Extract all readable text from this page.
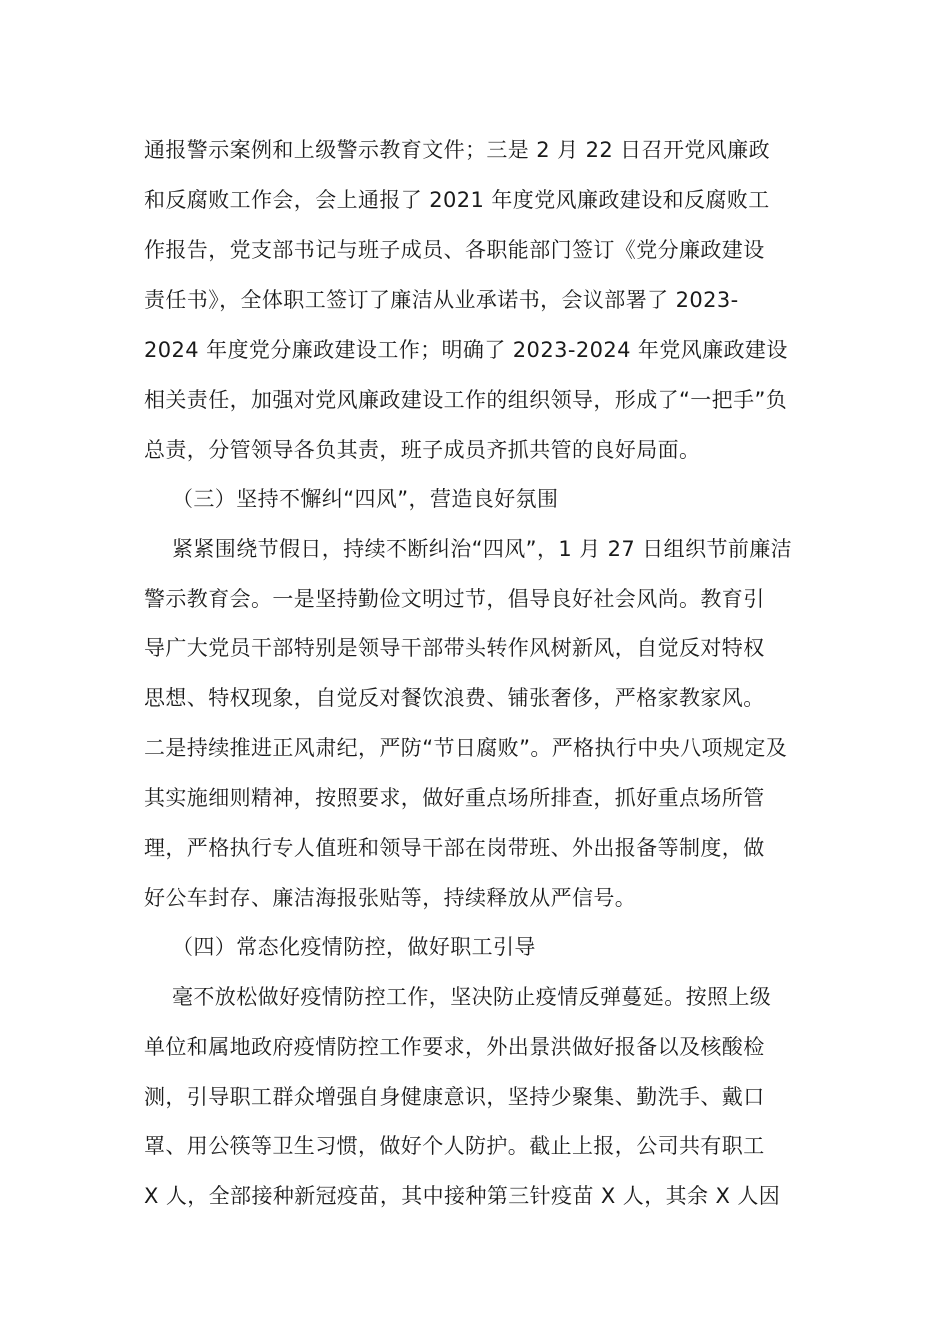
通报警示案例和上级警示教育文件；三是 2 月 22 日召开党风廉政
和反腐败工作会，会上通报了 2021 年度党风廉政建设和反腐败工
作报告，党支部书记与班子成员、各职能部门签订《党分廉政建设
责任书》，全体职工签订了廉洁从业承诺书，会议部署了 2023-
2024 年度党分廉政建设工作；明确了 2023-2024 年党风廉政建设
相关责任，加强对党风廉政建设工作的组织领导，形成了“一把手”负
总责，分管领导各负其责，班子成员齐抓共管的良好局面。
（三）坚持不懈纠“四风”，营造良好氛围
紧紧围绕节假日，持续不断纠治“四风”，1 月 27 日组织节前廉洁
警示教育会。一是坚持勤俭文明过节，倡导良好社会风尚。教育引
导广大党员干部特别是领导干部带头转作风树新风，自觉反对特权
思想、特权现象，自觉反对餐饮浪费、铺张奢侈，严格家教家风。
二是持续推进正风肃纪，严防“节日腐败”。严格执行中央八项规定及
其实施细则精神，按照要求，做好重点场所排查，抓好重点场所管
理，严格执行专人值班和领导干部在岗带班、外出报备等制度，做
好公车封存、廉洁海报张贴等，持续释放从严信号。
（四）常态化疫情防控，做好职工引导
毫不放松做好疫情防控工作，坚决防止疫情反弹蔓延。按照上级
单位和属地政府疫情防控工作要求，外出景洪做好报备以及核酸检
测，引导职工群众增强自身健康意识，坚持少聚集、勤洗手、戴口
罩、用公筷等卫生习惯，做好个人防护。截止上报，公司共有职工
X 人，全部接种新冠疫苗，其中接种第三针疫苗 X 人，其余 X 人因
